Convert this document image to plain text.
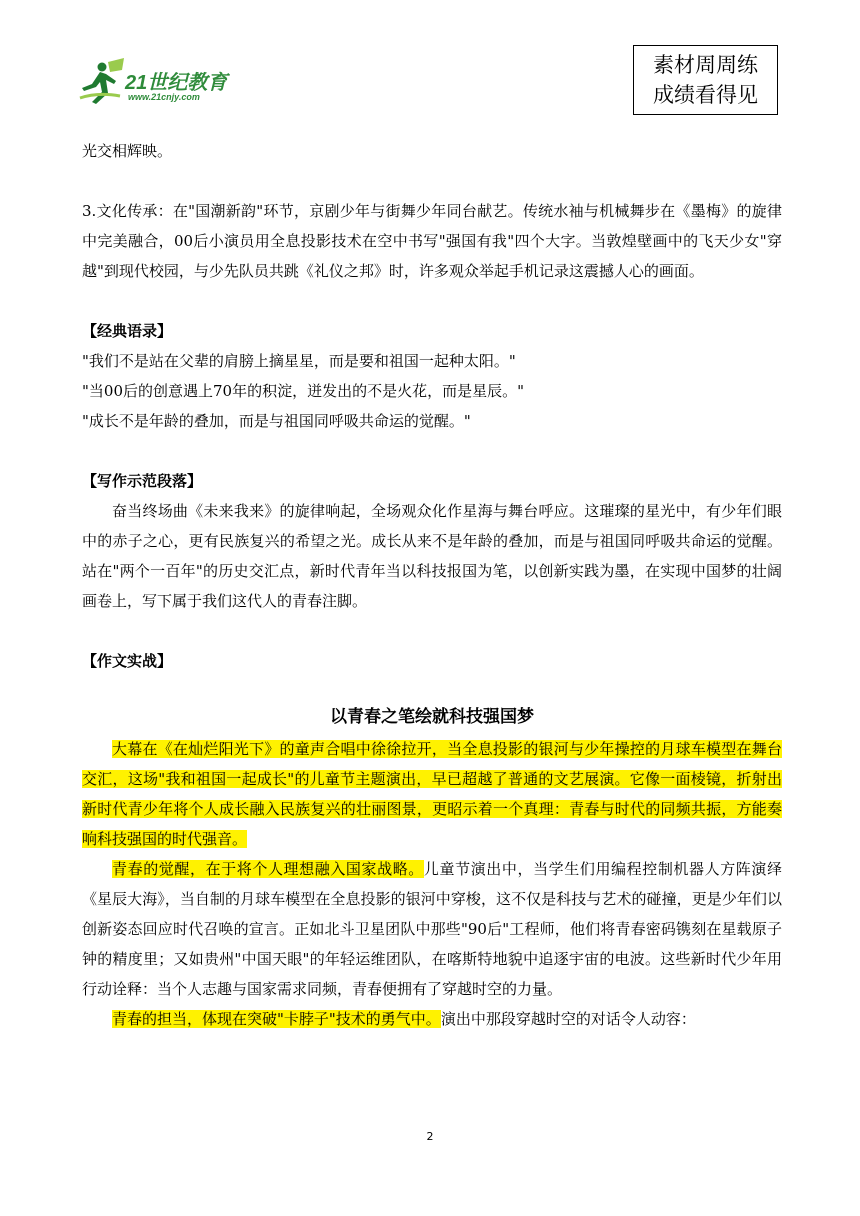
21世纪教育
www.21cnjy.com
素材周周练
成绩看得见

光交相辉映。

3.文化传承：在"国潮新韵"环节，京剧少年与街舞少年同台献艺。传统水袖与机械舞步在《墨梅》的旋律中完美融合，00后小演员用全息投影技术在空中书写"强国有我"四个大字。当敦煌壁画中的飞天少女"穿越"到现代校园，与少先队员共跳《礼仪之邦》时，许多观众举起手机记录这震撼人心的画面。

【经典语录】

"我们不是站在父辈的肩膀上摘星星，而是要和祖国一起种太阳。"

"当00后的创意遇上70年的积淀，迸发出的不是火花，而是星辰。"

"成长不是年龄的叠加，而是与祖国同呼吸共命运的觉醒。"

【写作示范段落】

奋当终场曲《未来我来》的旋律响起，全场观众化作星海与舞台呼应。这璀璨的星光中，有少年们眼中的赤子之心，更有民族复兴的希望之光。成长从来不是年龄的叠加，而是与祖国同呼吸共命运的觉醒。站在"两个一百年"的历史交汇点，新时代青年当以科技报国为笔，以创新实践为墨，在实现中国梦的壮阔画卷上，写下属于我们这代人的青春注脚。

【作文实战】
以青春之笔绘就科技强国梦

大幕在《在灿烂阳光下》的童声合唱中徐徐拉开，当全息投影的银河与少年操控的月球车模型在舞台交汇，这场"我和祖国一起成长"的儿童节主题演出，早已超越了普通的文艺展演。它像一面棱镜，折射出新时代青少年将个人成长融入民族复兴的壮丽图景，更昭示着一个真理：青春与时代的同频共振，方能奏响科技强国的时代强音。

青春的觉醒，在于将个人理想融入国家战略。儿童节演出中，当学生们用编程控制机器人方阵演绎《星辰大海》，当自制的月球车模型在全息投影的银河中穿梭，这不仅是科技与艺术的碰撞，更是少年们以创新姿态回应时代召唤的宣言。正如北斗卫星团队中那些"90后"工程师，他们将青春密码镌刻在星载原子钟的精度里；又如贵州"中国天眼"的年轻运维团队，在喀斯特地貌中追逐宇宙的电波。这些新时代少年用行动诠释：当个人志趣与国家需求同频，青春便拥有了穿越时空的力量。

青春的担当，体现在突破"卡脖子"技术的勇气中。演出中那段穿越时空的对话令人动容：

2
